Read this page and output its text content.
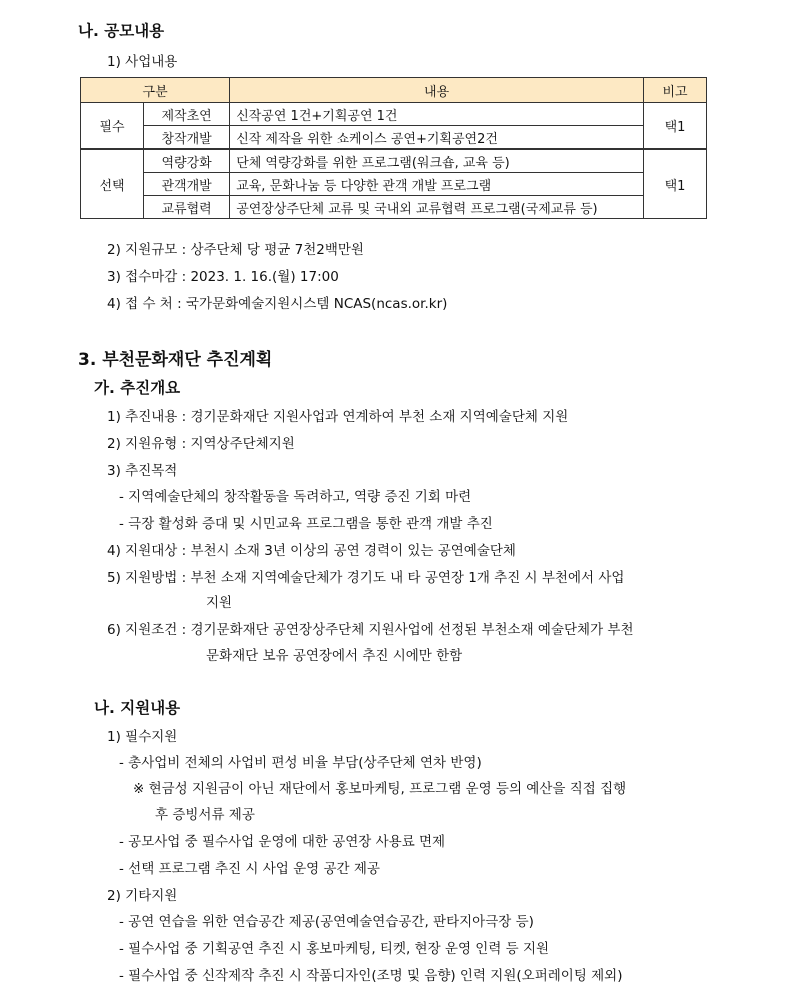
나. 공모내용
1) 사업내용
구분		내용	비고
필수	제작초연	신작공연 1건+기획공연 1건	택1
	창작개발	신작 제작을 위한 쇼케이스 공연+기획공연2건	
선택	역량강화	단체 역량강화를 위한 프로그램(워크숍, 교육 등)	택1
	관객개발	교육, 문화나눔 등 다양한 관객 개발 프로그램	
	교류협력	공연장상주단체 교류 및 국내외 교류협력 프로그램(국제교류 등)	
2) 지원규모 : 상주단체 당 평균 7천2백만원
3) 접수마감 : 2023. 1. 16.(월) 17:00
4) 접 수 처 : 국가문화예술지원시스템 NCAS(ncas.or.kr)
3. 부천문화재단 추진계획
가. 추진개요
1) 추진내용 : 경기문화재단 지원사업과 연계하여 부천 소재 지역예술단체 지원
2) 지원유형 : 지역상주단체지원
3) 추진목적
- 지역예술단체의 창작활동을 독려하고, 역량 증진 기회 마련
- 극장 활성화 증대 및 시민교육 프로그램을 통한 관객 개발 추진
4) 지원대상 : 부천시 소재 3년 이상의 공연 경력이 있는 공연예술단체
5) 지원방법 : 부천 소재 지역예술단체가 경기도 내 타 공연장 1개 추진 시 부천에서 사업
지원
6) 지원조건 : 경기문화재단 공연장상주단체 지원사업에 선정된 부천소재 예술단체가 부천
문화재단 보유 공연장에서 추진 시에만 한함
나. 지원내용
1) 필수지원
- 총사업비 전체의 사업비 편성 비율 부담(상주단체 연차 반영)
※ 현금성 지원금이 아닌 재단에서 홍보마케팅, 프로그램 운영 등의 예산을 직접 집행
후 증빙서류 제공
- 공모사업 중 필수사업 운영에 대한 공연장 사용료 면제
- 선택 프로그램 추진 시 사업 운영 공간 제공
2) 기타지원
- 공연 연습을 위한 연습공간 제공(공연예술연습공간, 판타지아극장 등)
- 필수사업 중 기획공연 추진 시 홍보마케팅, 티켓, 현장 운영 인력 등 지원
- 필수사업 중 신작제작 추진 시 작품디자인(조명 및 음향) 인력 지원(오퍼레이팅 제외)
